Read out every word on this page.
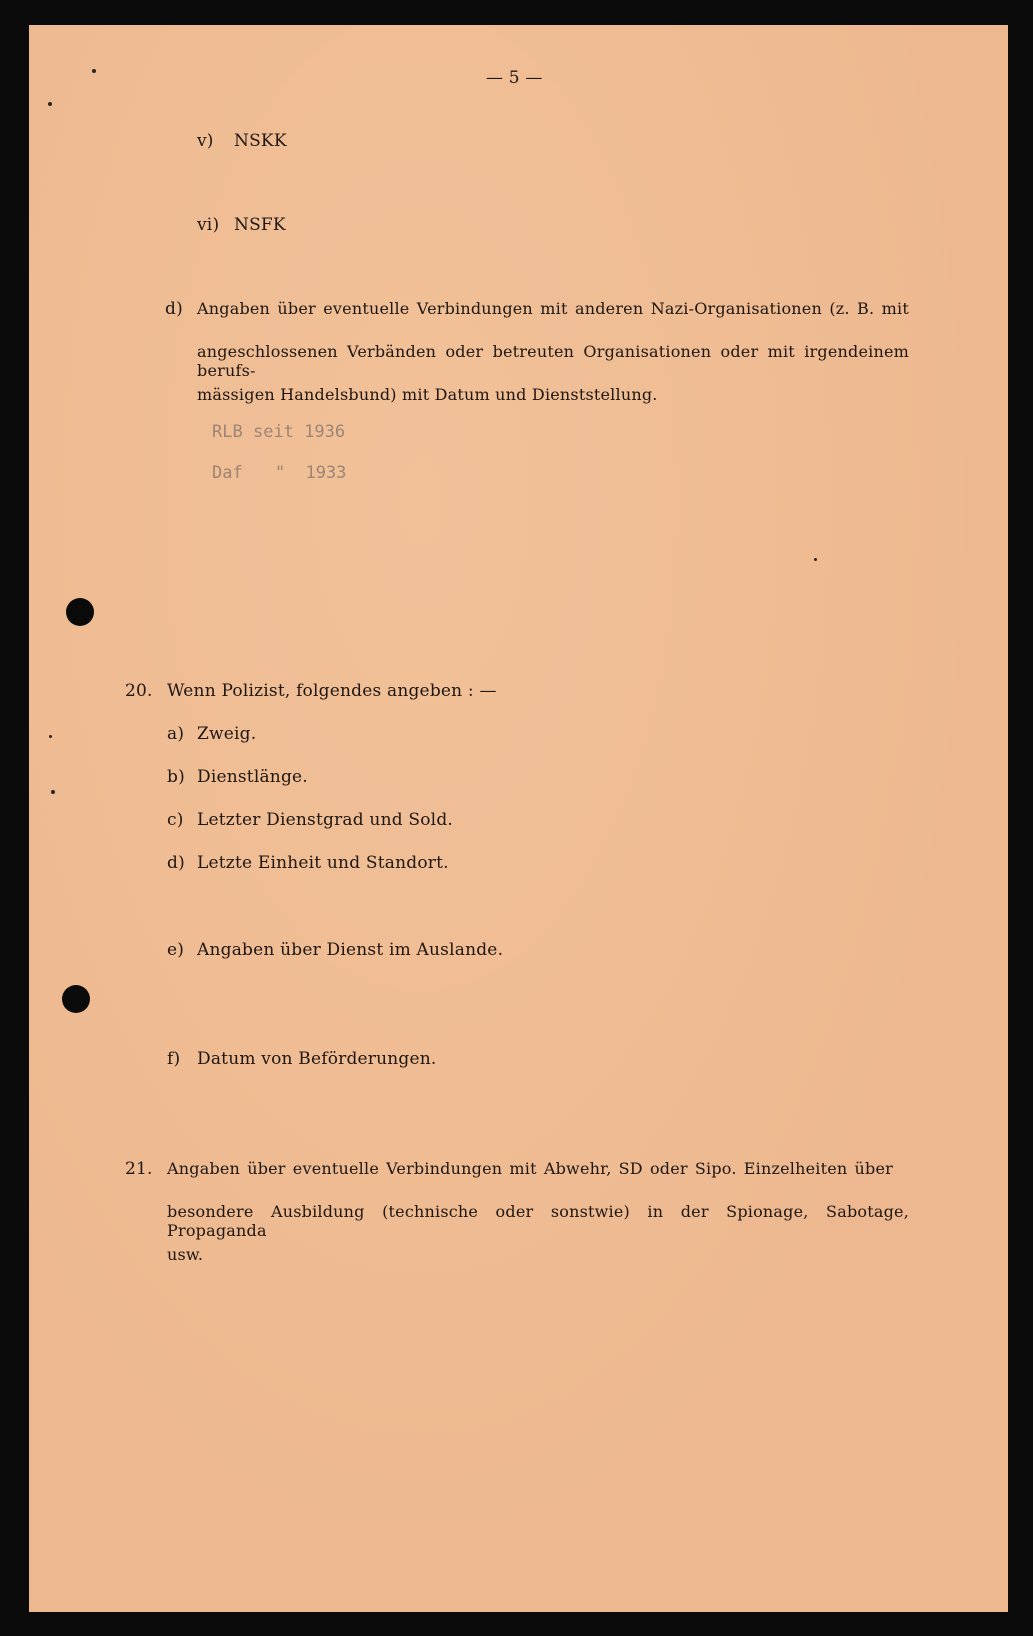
— 5 —
v) NSKK
vi) NSFK
d) Angaben über eventuelle Verbindungen mit anderen Nazi-Organisationen (z. B. mit
angeschlossenen Verbänden oder betreuten Organisationen oder mit irgendeinem berufs-
mässigen Handelsbund) mit Datum und Dienststellung.
RLB seit 1936
Daf " 1933
20. Wenn Polizist, folgendes angeben : —
a) Zweig.
b) Dienstlänge.
c) Letzter Dienstgrad und Sold.
d) Letzte Einheit und Standort.
e) Angaben über Dienst im Auslande.
f) Datum von Beförderungen.
21. Angaben über eventuelle Verbindungen mit Abwehr, SD oder Sipo. Einzelheiten über
besondere Ausbildung (technische oder sonstwie) in der Spionage, Sabotage, Propaganda
usw.
